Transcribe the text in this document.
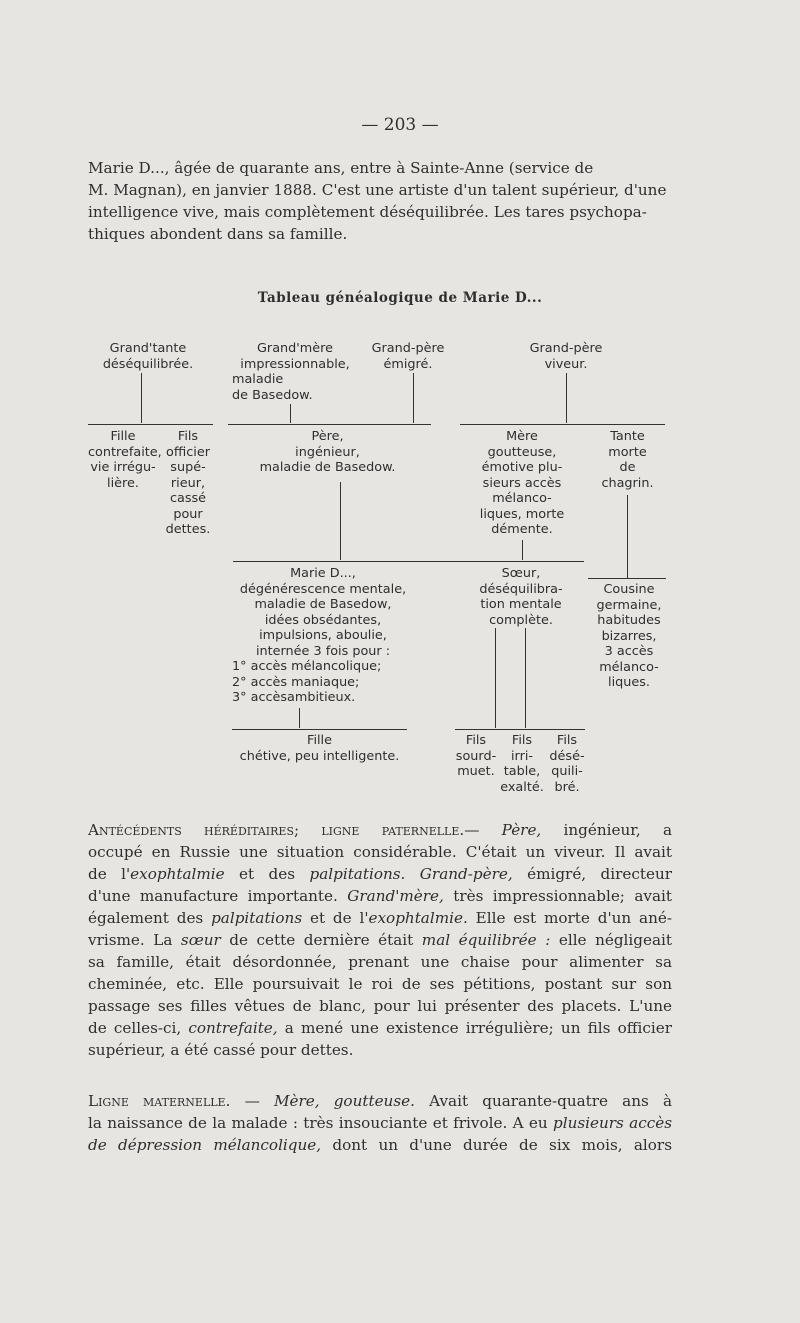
— 203 —
Marie D..., âgée de quarante ans, entre à Sainte-Anne (service de
M. Magnan), en janvier 1888. C'est une artiste d'un talent supérieur, d'une
intelligence vive, mais complètement déséquilibrée. Les tares psychopa-
thiques abondent dans sa famille.
Tableau généalogique de Marie D...
Grand'tante
déséquilibrée.
Grand'mère
impressionnable,
maladie
de Basedow.
Grand-père
émigré.
Grand-père
viveur.
Fille
contrefaite,
vie irrégu-
lière.
Fils
officier
supé-
rieur,
cassé
pour
dettes.
Père,
ingénieur,
maladie de Basedow.
Mère
goutteuse,
émotive plu-
sieurs accès
mélanco-
liques, morte
démente.
Tante
morte
de
chagrin.
Marie D...,
dégénérescence mentale,
maladie de Basedow,
idées obsédantes,
impulsions, aboulie,
internée 3 fois pour :
1° accès mélancolique;
2° accès maniaque;
3° accèsambitieux.
Sœur,
déséquilibra-
tion mentale
complète.
Cousine
germaine,
habitudes
bizarres,
3 accès
mélanco-
liques.
Fille
chétive, peu intelligente.
Fils
sourd-
muet.
Fils
irri-
table,
exalté.
Fils
désé-
quili-
bré.
Antécédents héréditaires; ligne paternelle.— Père, ingénieur, a
occupé en Russie une situation considérable. C'était un viveur. Il avait
de l'exophtalmie et des palpitations. Grand-père, émigré, directeur
d'une manufacture importante. Grand'mère, très impressionnable; avait
également des palpitations et de l'exophtalmie. Elle est morte d'un ané-
vrisme. La sœur de cette dernière était mal équilibrée : elle négligeait
sa famille, était désordonnée, prenant une chaise pour alimenter sa
cheminée, etc. Elle poursuivait le roi de ses pétitions, postant sur son
passage ses filles vêtues de blanc, pour lui présenter des placets. L'une
de celles-ci, contrefaite, a mené une existence irrégulière; un fils officier
supérieur, a été cassé pour dettes.
Ligne maternelle. — Mère, goutteuse. Avait quarante-quatre ans à
la naissance de la malade : très insouciante et frivole. A eu plusieurs accès
de dépression mélancolique, dont un d'une durée de six mois, alors
